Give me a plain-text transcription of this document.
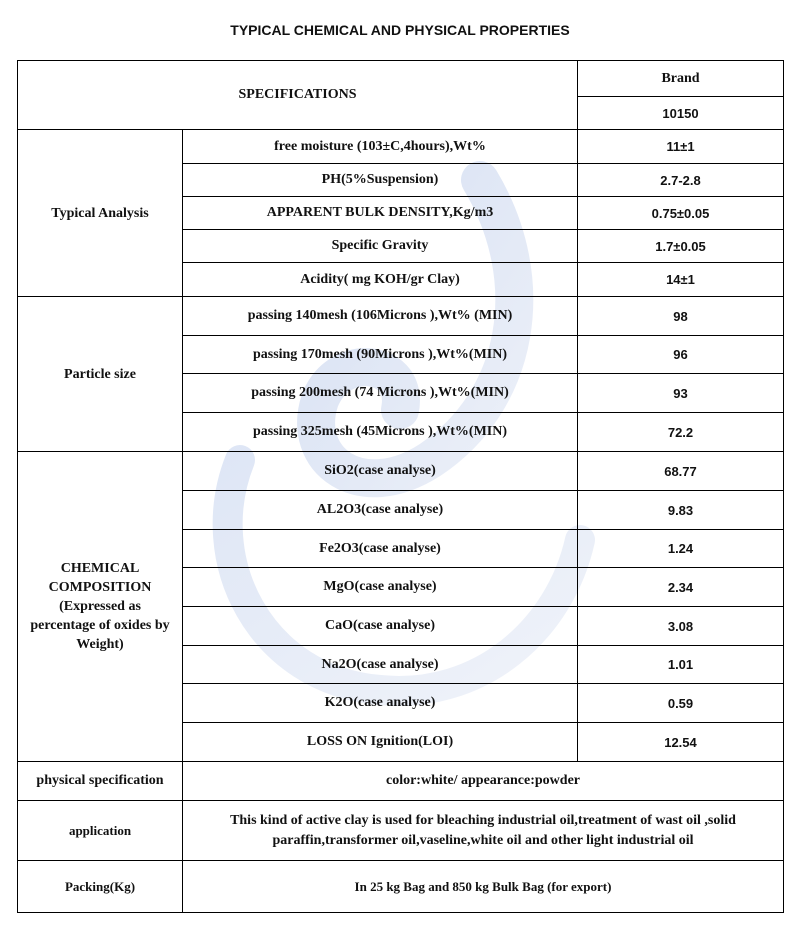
TYPICAL CHEMICAL AND PHYSICAL PROPERTIES
SPECIFICATIONS		Brand
		10150
Typical Analysis	free moisture (103±C,4hours),Wt%	11±1
	PH(5%Suspension)	2.7-2.8
	APPARENT BULK DENSITY,Kg/m3	0.75±0.05
	Specific Gravity	1.7±0.05
	Acidity( mg KOH/gr Clay)	14±1
Particle size	passing 140mesh (106Microns ),Wt% (MIN)	98
	passing 170mesh (90Microns ),Wt%(MIN)	96
	passing 200mesh (74 Microns ),Wt%(MIN)	93
	passing 325mesh (45Microns ),Wt%(MIN)	72.2

CHEMICAL
COMPOSITION
(Expressed as
percentage of oxides by
Weight)	SiO2(case analyse)	68.77
	AL2O3(case analyse)	9.83
	Fe2O3(case analyse)	1.24
	MgO(case analyse)	2.34
	CaO(case analyse)	3.08
	Na2O(case analyse)	1.01
	K2O(case analyse)	0.59
	LOSS ON Ignition(LOI)	12.54
physical specification	color:white/ appearance:powder	
application	This kind of active clay is used for bleaching industrial oil,treatment of wast oil ,solid
paraffin,transformer oil,vaseline,white oil and other light industrial oil	

Packing(Kg)	In 25 kg Bag and 850 kg Bulk Bag (for export)	
